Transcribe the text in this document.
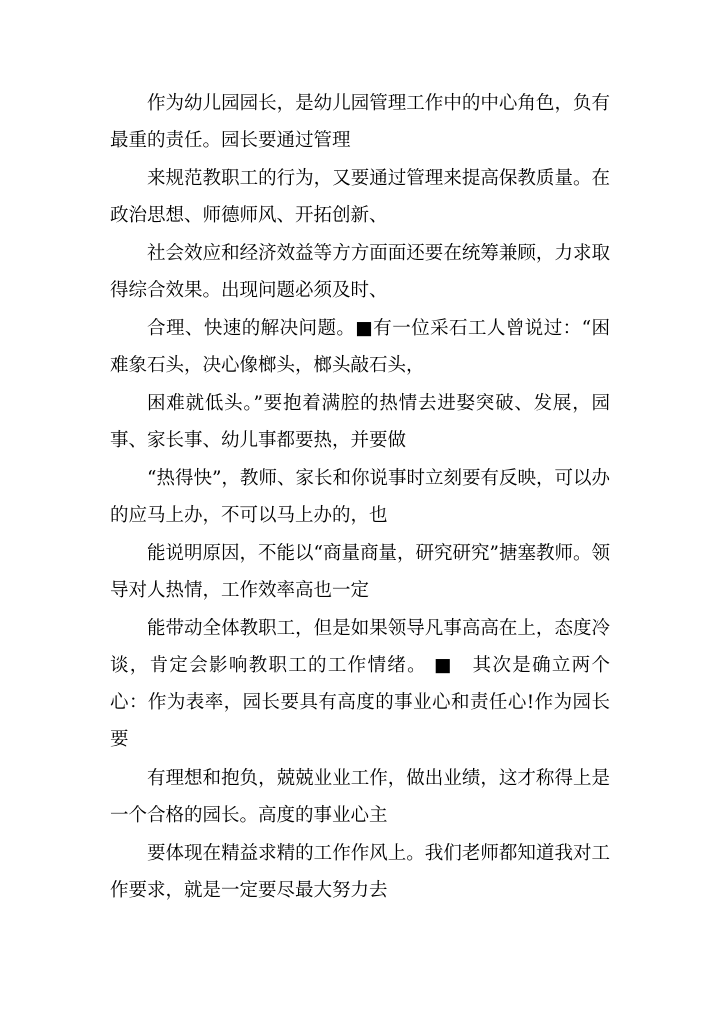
作为幼儿园园长，是幼儿园管理工作中的中心角色，负有最重的责任。园长要通过管理

来规范教职工的行为，又要通过管理来提高保教质量。在政治思想、师德师风、开拓创新、

社会效应和经济效益等方方面面还要在统筹兼顾，力求取得综合效果。出现问题必须及时、

合理、快速的解决问题。■有一位采石工人曾说过：“困难象石头，决心像榔头，榔头敲石头，

困难就低头。”要抱着满腔的热情去进娶突破、发展，园事、家长事、幼儿事都要热，并要做

“热得快”，教师、家长和你说事时立刻要有反映，可以办的应马上办，不可以马上办的，也

能说明原因，不能以“商量商量，研究研究”搪塞教师。领导对人热情，工作效率高也一定

能带动全体教职工，但是如果领导凡事高高在上，态度冷谈，肯定会影响教职工的工作情绪。 ■　其次是确立两个心：作为表率，园长要具有高度的事业心和责任心!作为园长要

有理想和抱负，兢兢业业工作，做出业绩，这才称得上是一个合格的园长。高度的事业心主

要体现在精益求精的工作作风上。我们老师都知道我对工作要求，就是一定要尽最大努力去
